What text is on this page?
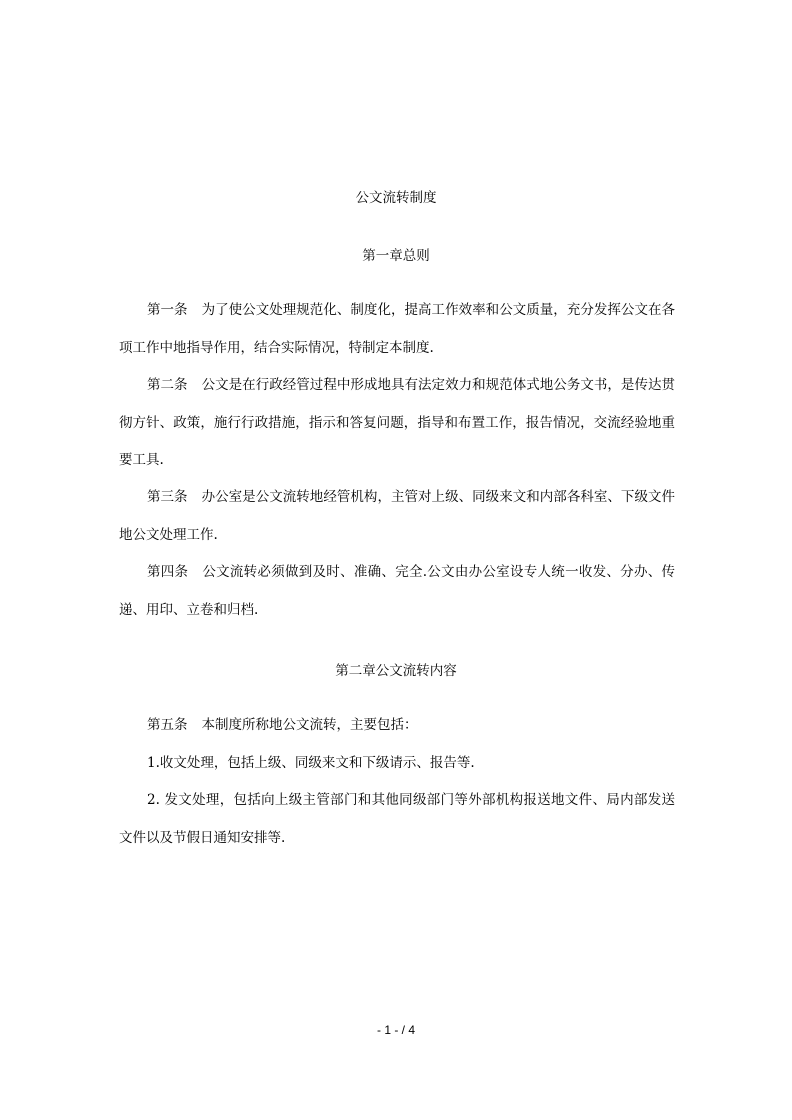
公文流转制度
第一章总则

第一条 为了使公文处理规范化、制度化，提高工作效率和公文质量，充分发挥公文在各项工作中地指导作用，结合实际情况，特制定本制度.

第二条 公文是在行政经管过程中形成地具有法定效力和规范体式地公务文书，是传达贯彻方针、政策，施行行政措施，指示和答复问题，指导和布置工作，报告情况，交流经验地重要工具.

第三条 办公室是公文流转地经管机构，主管对上级、同级来文和内部各科室、下级文件地公文处理工作.

第四条 公文流转必须做到及时、准确、完全.公文由办公室设专人统一收发、分办、传递、用印、立卷和归档.

第二章公文流转内容

第五条 本制度所称地公文流转，主要包括：

1.收文处理，包括上级、同级来文和下级请示、报告等.

2. 发文处理，包括向上级主管部门和其他同级部门等外部机构报送地文件、局内部发送文件以及节假日通知安排等.

- 1 - / 4
